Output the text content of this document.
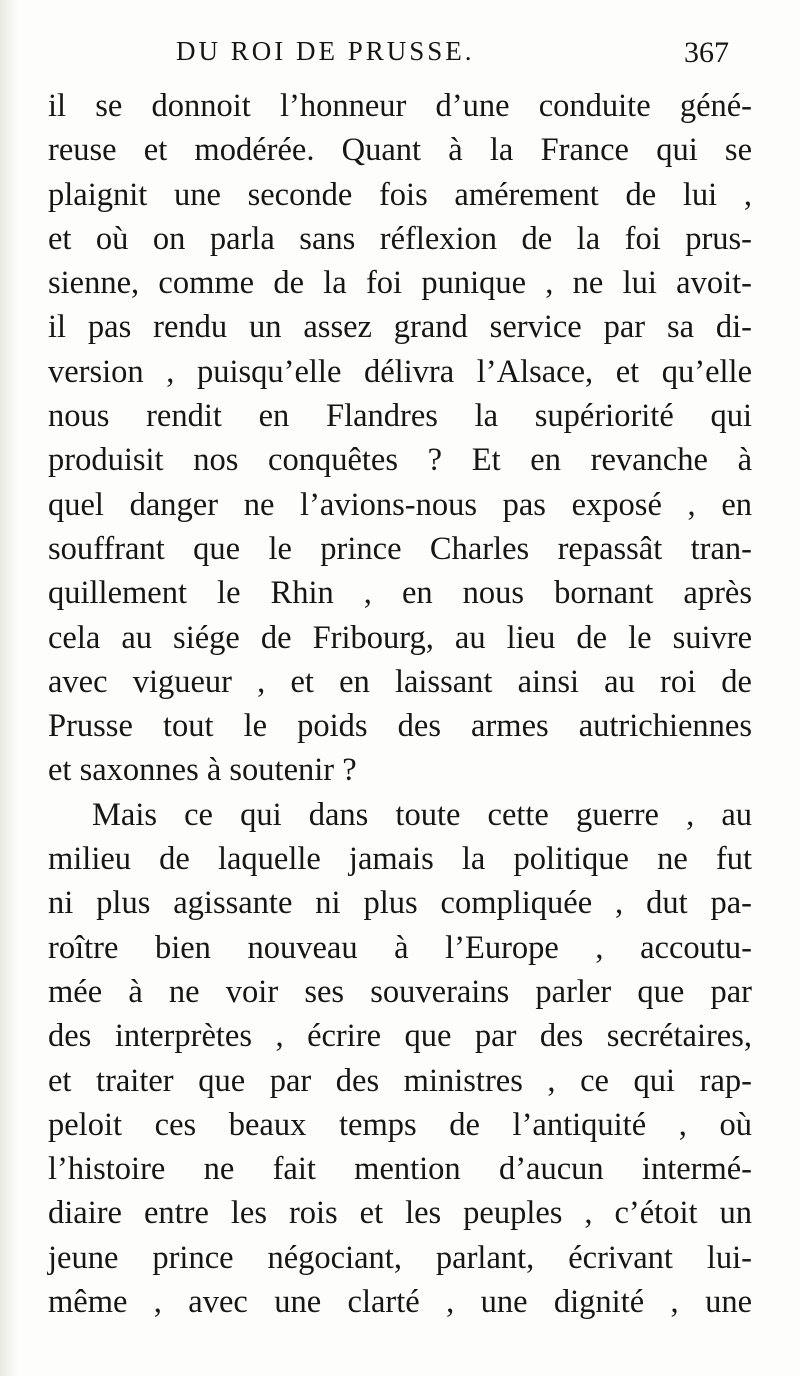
DU ROI DE PRUSSE.	367
il se donnoit l’honneur d’une conduite géné-
reuse et modérée. Quant à la France qui se
plaignit une seconde fois amérement de lui ,
et où on parla sans réflexion de la foi prus-
sienne, comme de la foi punique , ne lui avoit-
il pas rendu un assez grand service par sa di-
version , puisqu’elle délivra l’Alsace, et qu’elle
nous rendit en Flandres la supériorité qui
produisit nos conquêtes ? Et en revanche à
quel danger ne l’avions-nous pas exposé , en
souffrant que le prince Charles repassât tran-
quillement le Rhin , en nous bornant après
cela au siége de Fribourg, au lieu de le suivre
avec vigueur , et en laissant ainsi au roi de
Prusse tout le poids des armes autrichiennes
et saxonnes à soutenir ?
Mais ce qui dans toute cette guerre , au
milieu de laquelle jamais la politique ne fut
ni plus agissante ni plus compliquée , dut pa-
roître bien nouveau à l’Europe , accoutu-
mée à ne voir ses souverains parler que par
des interprètes , écrire que par des secrétaires,
et traiter que par des ministres , ce qui rap-
peloit ces beaux temps de l’antiquité , où
l’histoire ne fait mention d’aucun intermé-
diaire entre les rois et les peuples , c’étoit un
jeune prince négociant, parlant, écrivant lui-
même , avec une clarté , une dignité , une
